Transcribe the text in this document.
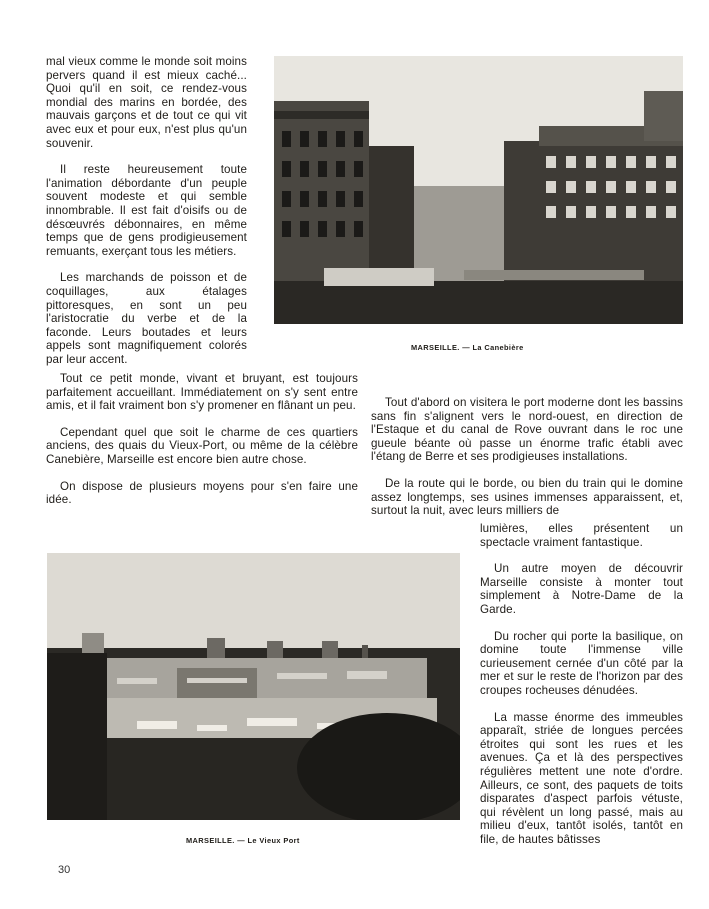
mal vieux comme le monde soit moins pervers quand il est mieux caché... Quoi qu'il en soit, ce rendez-vous mondial des marins en bordée, des mauvais garçons et de tout ce qui vit avec eux et pour eux, n'est plus qu'un souvenir.

Il reste heureusement toute l'animation débordante d'un peuple souvent modeste et qui semble innombrable. Il est fait d'oisifs ou de désœuvrés débonnaires, en même temps que de gens prodigieusement remuants, exerçant tous les métiers.

Les marchands de poisson et de coquillages, aux étalages pittoresques, en sont un peu l'aristocratie du verbe et de la faconde. Leurs boutades et leurs appels sont magnifiquement colorés par leur accent.

MARSEILLE. — La Canebière

Tout ce petit monde, vivant et bruyant, est toujours parfaitement accueillant. Immédiatement on s'y sent entre amis, et il fait vraiment bon s'y promener en flânant un peu.

Cependant quel que soit le charme de ces quartiers anciens, des quais du Vieux-Port, ou même de la célèbre Canebière, Marseille est encore bien autre chose.

On dispose de plusieurs moyens pour s'en faire une idée.

Tout d'abord on visitera le port moderne dont les bassins sans fin s'alignent vers le nord-ouest, en direction de l'Estaque et du canal de Rove ouvrant dans le roc une gueule béante où passe un énorme trafic établi avec l'étang de Berre et ses prodigieuses installations.

De la route qui le borde, ou bien du train qui le domine assez longtemps, ses usines immenses apparaissent, et, surtout la nuit, avec leurs milliers de

lumières, elles présentent un spectacle vraiment fantastique.

Un autre moyen de découvrir Marseille consiste à monter tout simplement à Notre-Dame de la Garde.

Du rocher qui porte la basilique, on domine toute l'immense ville curieusement cernée d'un côté par la mer et sur le reste de l'horizon par des croupes rocheuses dénudées.

La masse énorme des immeubles apparaît, striée de longues percées étroites qui sont les rues et les avenues. Ça et là des perspectives régulières mettent une note d'ordre. Ailleurs, ce sont, des paquets de toits disparates d'aspect parfois vétuste, qui révèlent un long passé, mais au milieu d'eux, tantôt isolés, tantôt en file, de hautes bâtisses

MARSEILLE. — Le Vieux Port
30
